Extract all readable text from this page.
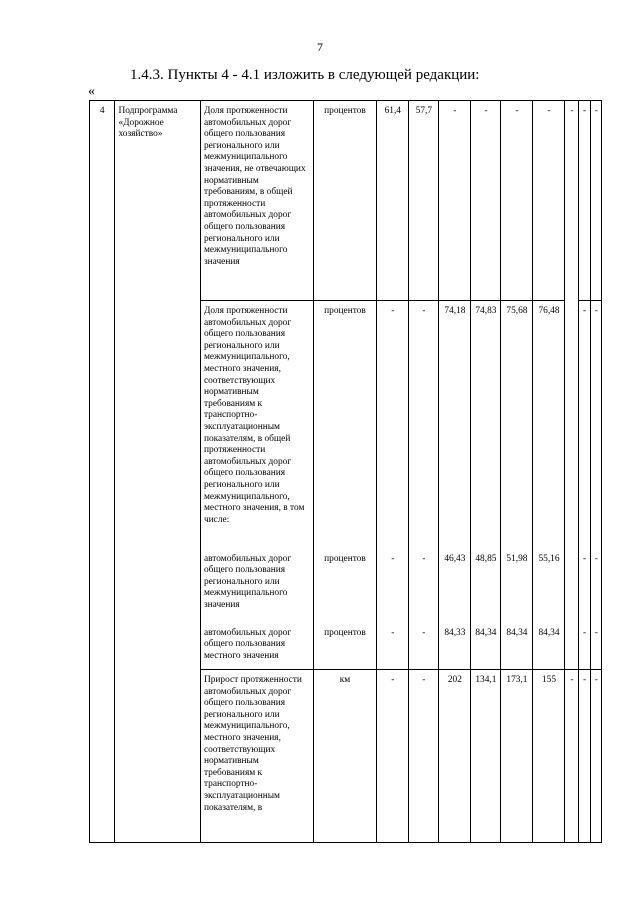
7
1.4.3. Пункты 4 - 4.1 изложить в следующей редакции:
«
4	Подпрограмма «Дорожное хозяйство»	Доля протяженности автомобильных дорог общего пользования регионального или межмуниципального значения, не отвечающих нормативным требованиям, в общей протяженности автомобильных дорог общего пользования регионального или межмуниципального значения	процентов	61,4	57,7	-	-	-	-	-	-	-
		Доля протяженности автомобильных дорог общего пользования регионального или межмуниципального, местного значения, соответствующих нормативным требованиям к транспортно-эксплуатационным показателям, в общей протяженности автомобильных дорог общего пользования регионального или межмуниципального, местного значения, в том числе:	процентов	-	-	74,18	74,83	75,68	76,48		-	-
		автомобильных дорог общего пользования регионального или межмуниципального значения	процентов	-	-	46,43	48,85	51,98	55,16		-	-
		автомобильных дорог общего пользования местного значения	процентов	-	-	84,33	84,34	84,34	84,34		-	-
		Прирост протяженности автомобильных дорог общего пользования регионального или межмуниципального, местного значения, соответствующих нормативным требованиям к транспортно-эксплуатационным показателям, в	км	-	-	202	134,1	173,1	155	-	-	-
